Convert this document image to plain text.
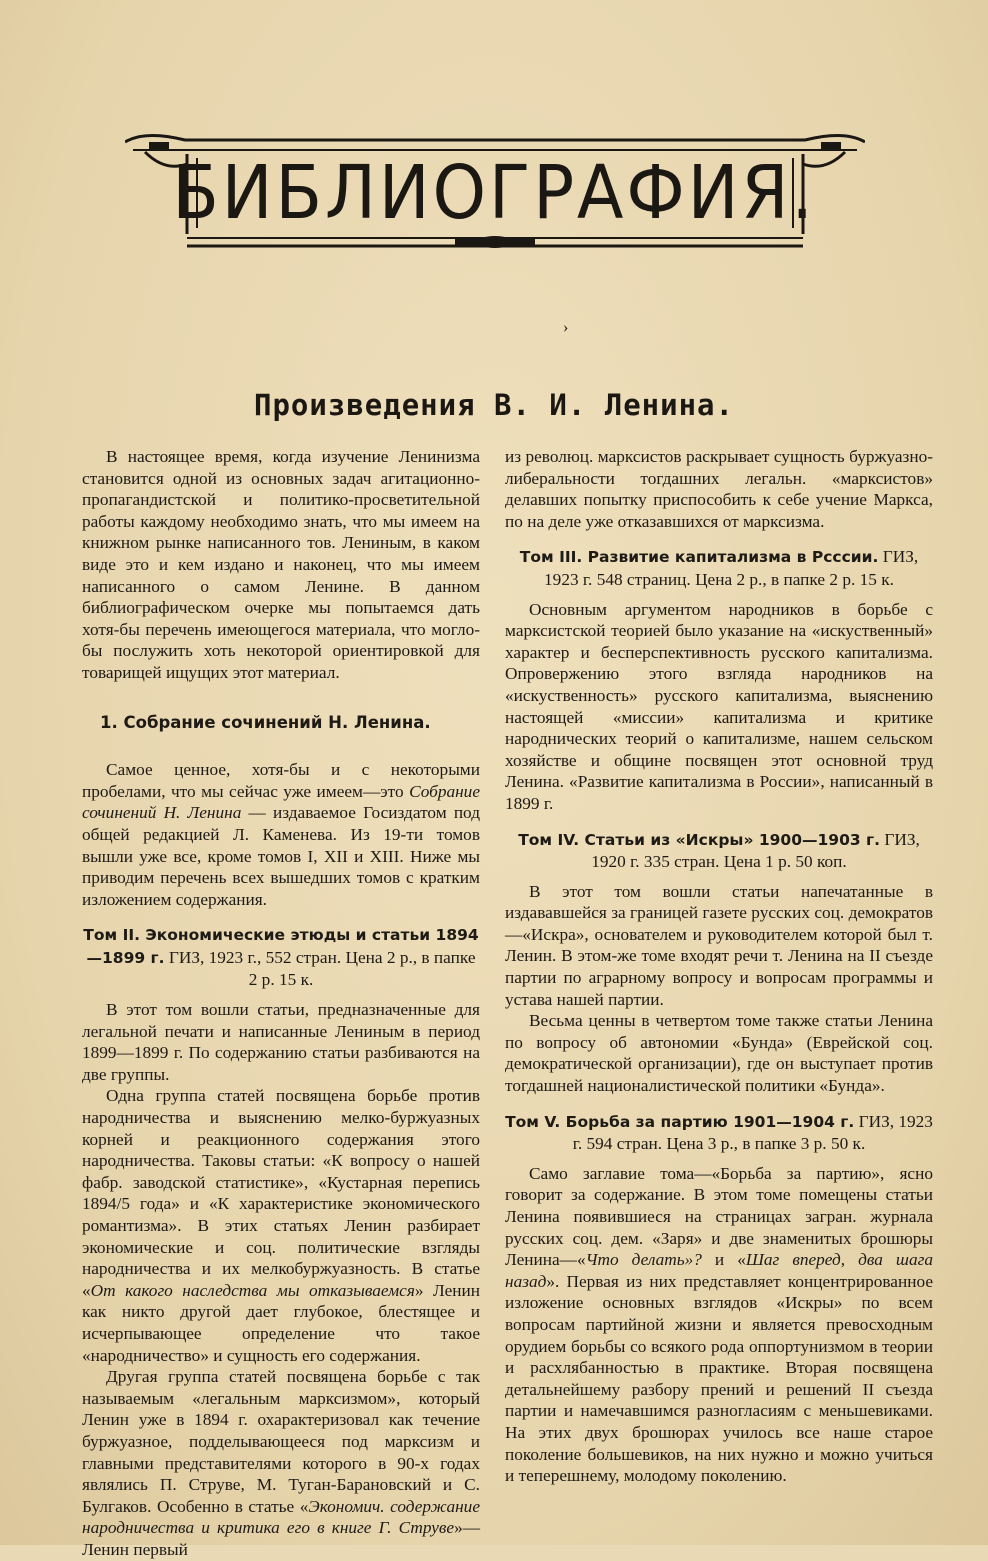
БИБЛИОГРАФИЯ.
›
Произведения В. И. Ленина.

В настоящее время, когда изучение Ленинизма становится одной из основных задач агитационно-пропагандистской и политико-просветительной работы каждому необходимо знать, что мы имеем на книжном рынке написанного тов. Лениным, в каком виде это и кем издано и наконец, что мы имеем написанного о самом Ленине. В данном библиографическом очерке мы попытаемся дать хотя-бы перечень имеющегося материала, что могло-бы послужить хоть некоторой ориентировкой для товарищей ищущих этот материал.

1. Собрание сочинений Н. Ленина.

Самое ценное, хотя-бы и с некоторыми пробелами, что мы сейчас уже имеем—это Собрание сочинений Н. Ленина — издаваемое Госиздатом под общей редакцией Л. Каменева. Из 19-ти томов вышли уже все, кроме томов I, XII и XIII. Ниже мы приводим перечень всех вышедших томов с кратким изложением содержания.

Том II. Экономические этюды и статьи 1894—1899 г. ГИЗ, 1923 г., 552 стран. Цена 2 р., в папке 2 р. 15 к.

В этот том вошли статьи, предназначенные для легальной печати и написанные Лениным в период 1899—1899 г. По содержанию статьи разбиваются на две группы.

Одна группа статей посвящена борьбе против народничества и выяснению мелко-буржуазных корней и реакционного содержания этого народничества. Таковы статьи: «К вопросу о нашей фабр. заводской статистике», «Кустарная перепись 1894/5 года» и «К характеристике экономического романтизма». В этих статьях Ленин разбирает экономические и соц. политические взгляды народничества и их мелкобуржуазность. В статье «От какого наследства мы отказываемся» Ленин как никто другой дает глубокое, блестящее и исчерпывающее определение что такое «народничество» и сущность его содержания.

Другая группа статей посвящена борьбе с так называемым «легальным марксизмом», который Ленин уже в 1894 г. охарактеризовал как течение буржуазное, подделывающееся под марксизм и главными представителями которого в 90-х годах являлись П. Струве, М. Туган-Барановский и С. Булгаков. Особенно в статье «Экономич. содержание народничества и критика его в книге Г. Струве»—Ленин первый

из революц. марксистов раскрывает сущность буржуазно-либеральности тогдашних легальн. «марксистов» делавших попытку приспособить к себе учение Маркса, по на деле уже отказавшихся от марксизма.

Том III. Развитие капитализма в Рсссии. ГИЗ, 1923 г. 548 страниц. Цена 2 р., в папке 2 р. 15 к.

Основным аргументом народников в борьбе с марксистской теорией было указание на «искуственный» характер и бесперспективность русского капитализма. Опровержению этого взгляда народников на «искуственность» русского капитализма, выяснению настоящей «миссии» капитализма и критике народнических теорий о капитализме, нашем сельском хозяйстве и общине посвящен этот основной труд Ленина. «Развитие капитализма в России», написанный в 1899 г.

Том IV. Статьи из «Искры» 1900—1903 г. ГИЗ, 1920 г. 335 стран. Цена 1 р. 50 коп.

В этот том вошли статьи напечатанные в издававшейся за границей газете русских соц. демократов—«Искра», основателем и руководителем которой был т. Ленин. В этом-же томе входят речи т. Ленина на II съезде партии по аграрному вопросу и вопросам программы и устава нашей партии.

Весьма ценны в четвертом томе также статьи Ленина по вопросу об автономии «Бунда» (Еврейской соц. демократической организации), где он выступает против тогдашней националистической политики «Бунда».

Том V. Борьба за партию 1901—1904 г. ГИЗ, 1923 г. 594 стран. Цена 3 р., в папке 3 р. 50 к.

Само заглавие тома—«Борьба за партию», ясно говорит за содержание. В этом томе помещены статьи Ленина появившиеся на страницах загран. журнала русских соц. дем. «Заря» и две знаменитых брошюры Ленина—«Что делать»? и «Шаг вперед, два шага назад». Первая из них представляет концентрированное изложение основных взглядов «Искры» по всем вопросам партийной жизни и является превосходным орудием борьбы со всякого рода оппортунизмом в теории и расхлябанностью в практике. Вторая посвящена детальнейшему разбору прений и решений II съезда партии и намечавшимся разногласиям с меньшевиками. На этих двух брошюрах училось все наше старое поколение большевиков, на них нужно и можно учиться и теперешнему, молодому поколению.
